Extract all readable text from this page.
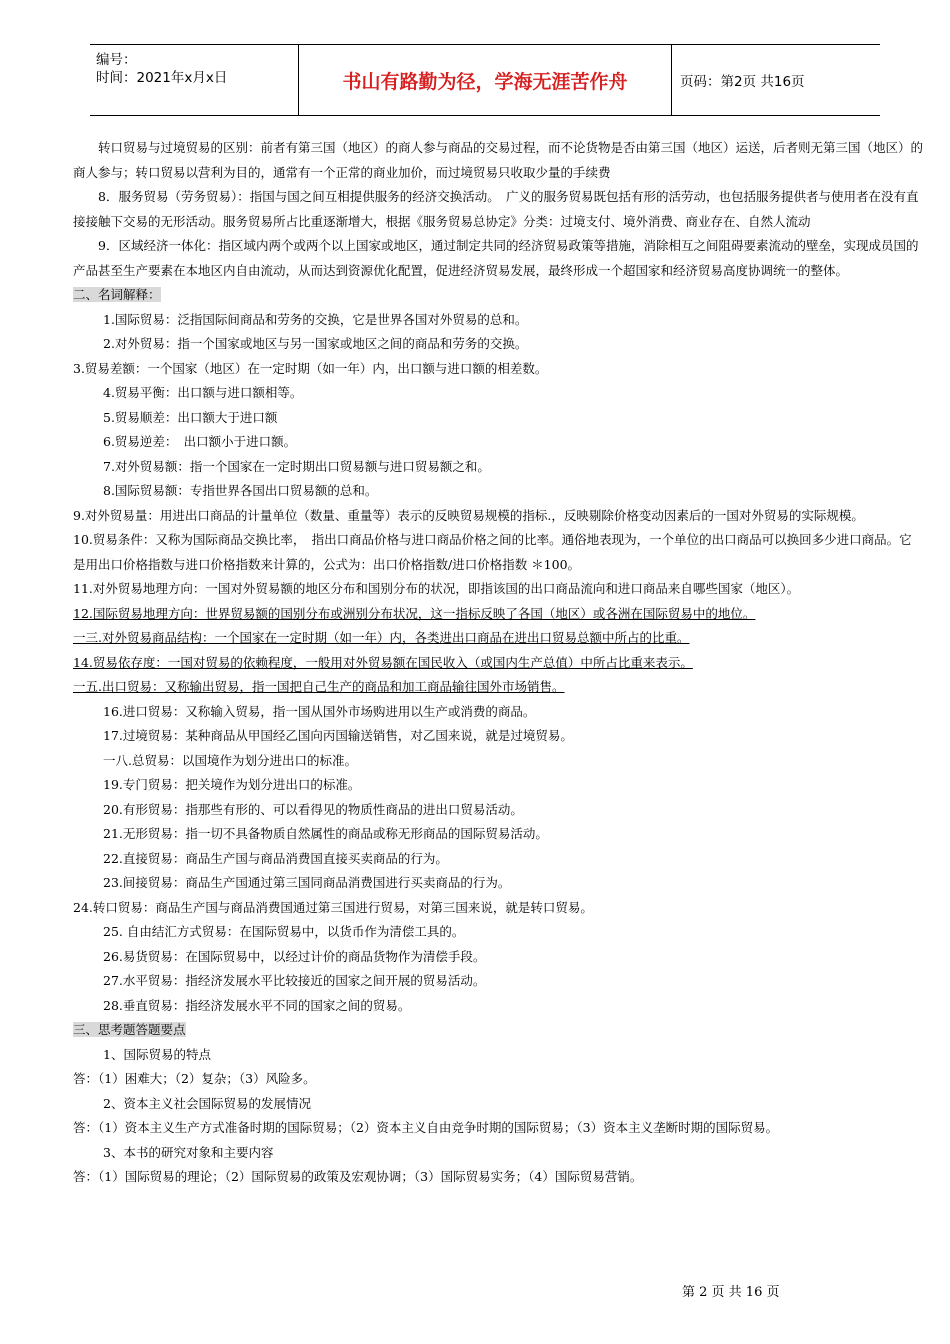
编号：
时间：2021年x月x日	书山有路勤为径，学海无涯苦作舟	页码：第2页 共16页

转口贸易与过境贸易的区别：前者有第三国（地区）的商人参与商品的交易过程，而不论货物是否由第三国（地区）运送，后者则无第三国（地区）的商人参与；转口贸易以营利为目的，通常有一个正常的商业加价，而过境贸易只收取少量的手续费

8．服务贸易（劳务贸易）：指国与国之间互相提供服务的经济交换活动。　广义的服务贸易既包括有形的活劳动，也包括服务提供者与使用者在没有直接接触下交易的无形活动。服务贸易所占比重逐渐增大，根据《服务贸易总协定》分类：过境支付、境外消费、商业存在、自然人流动

9．区域经济一体化：指区域内两个或两个以上国家或地区，通过制定共同的经济贸易政策等措施，消除相互之间阻碍要素流动的壁垒，实现成员国的产品甚至生产要素在本地区内自由流动，从而达到资源优化配置，促进经济贸易发展，最终形成一个超国家和经济贸易高度协调统一的整体。

二、名词解释：

1.国际贸易：泛指国际间商品和劳务的交换，它是世界各国对外贸易的总和。

2.对外贸易：指一个国家或地区与另一国家或地区之间的商品和劳务的交换。

3.贸易差额：一个国家（地区）在一定时期（如一年）内，出口额与进口额的相差数。

4.贸易平衡：出口额与进口额相等。

5.贸易顺差：出口额大于进口额

6.贸易逆差：　出口额小于进口额。

7.对外贸易额：指一个国家在一定时期出口贸易额与进口贸易额之和。

8.国际贸易额：专指世界各国出口贸易额的总和。

9.对外贸易量：用进出口商品的计量单位（数量、重量等）表示的反映贸易规模的指标.，反映剔除价格变动因素后的一国对外贸易的实际规模。

10.贸易条件：又称为国际商品交换比率，　指出口商品价格与进口商品价格之间的比率。通俗地表现为，一个单位的出口商品可以换回多少进口商品。它是用出口价格指数与进口价格指数来计算的，公式为：出口价格指数/进口价格指数 ＊100。

11.对外贸易地理方向：一国对外贸易额的地区分布和国别分布的状况，即指该国的出口商品流向和进口商品来自哪些国家（地区）。

12.国际贸易地理方向：世界贸易额的国别分布或洲别分布状况，这一指标反映了各国（地区）或各洲在国际贸易中的地位。

一三.对外贸易商品结构：一个国家在一定时期（如一年）内，各类进出口商品在进出口贸易总额中所占的比重。

14.贸易依存度：一国对贸易的依赖程度，一般用对外贸易额在国民收入（或国内生产总值）中所占比重来表示。

一五.出口贸易：又称输出贸易，指一国把自己生产的商品和加工商品输往国外市场销售。

16.进口贸易：又称输入贸易，指一国从国外市场购进用以生产或消费的商品。

17.过境贸易：某种商品从甲国经乙国向丙国输送销售，对乙国来说，就是过境贸易。

一八.总贸易：以国境作为划分进出口的标准。

19.专门贸易：把关境作为划分进出口的标准。

20.有形贸易：指那些有形的、可以看得见的物质性商品的进出口贸易活动。

21.无形贸易：指一切不具备物质自然属性的商品或称无形商品的国际贸易活动。

22.直接贸易：商品生产国与商品消费国直接买卖商品的行为。

23.间接贸易：商品生产国通过第三国同商品消费国进行买卖商品的行为。

24.转口贸易：商品生产国与商品消费国通过第三国进行贸易，对第三国来说，就是转口贸易。

25. 自由结汇方式贸易：在国际贸易中，以货币作为清偿工具的。

26.易货贸易：在国际贸易中，以经过计价的商品货物作为清偿手段。

27.水平贸易：指经济发展水平比较接近的国家之间开展的贸易活动。

28.垂直贸易：指经济发展水平不同的国家之间的贸易。

三、思考题答题要点

1、国际贸易的特点

答：（1）困难大；（2）复杂；（3）风险多。

2、资本主义社会国际贸易的发展情况

答：（1）资本主义生产方式准备时期的国际贸易；（2）资本主义自由竞争时期的国际贸易；（3）资本主义垄断时期的国际贸易。

3、本书的研究对象和主要内容

答：（1）国际贸易的理论；（2）国际贸易的政策及宏观协调；（3）国际贸易实务；（4）国际贸易营销。

第 2 页 共 16 页
